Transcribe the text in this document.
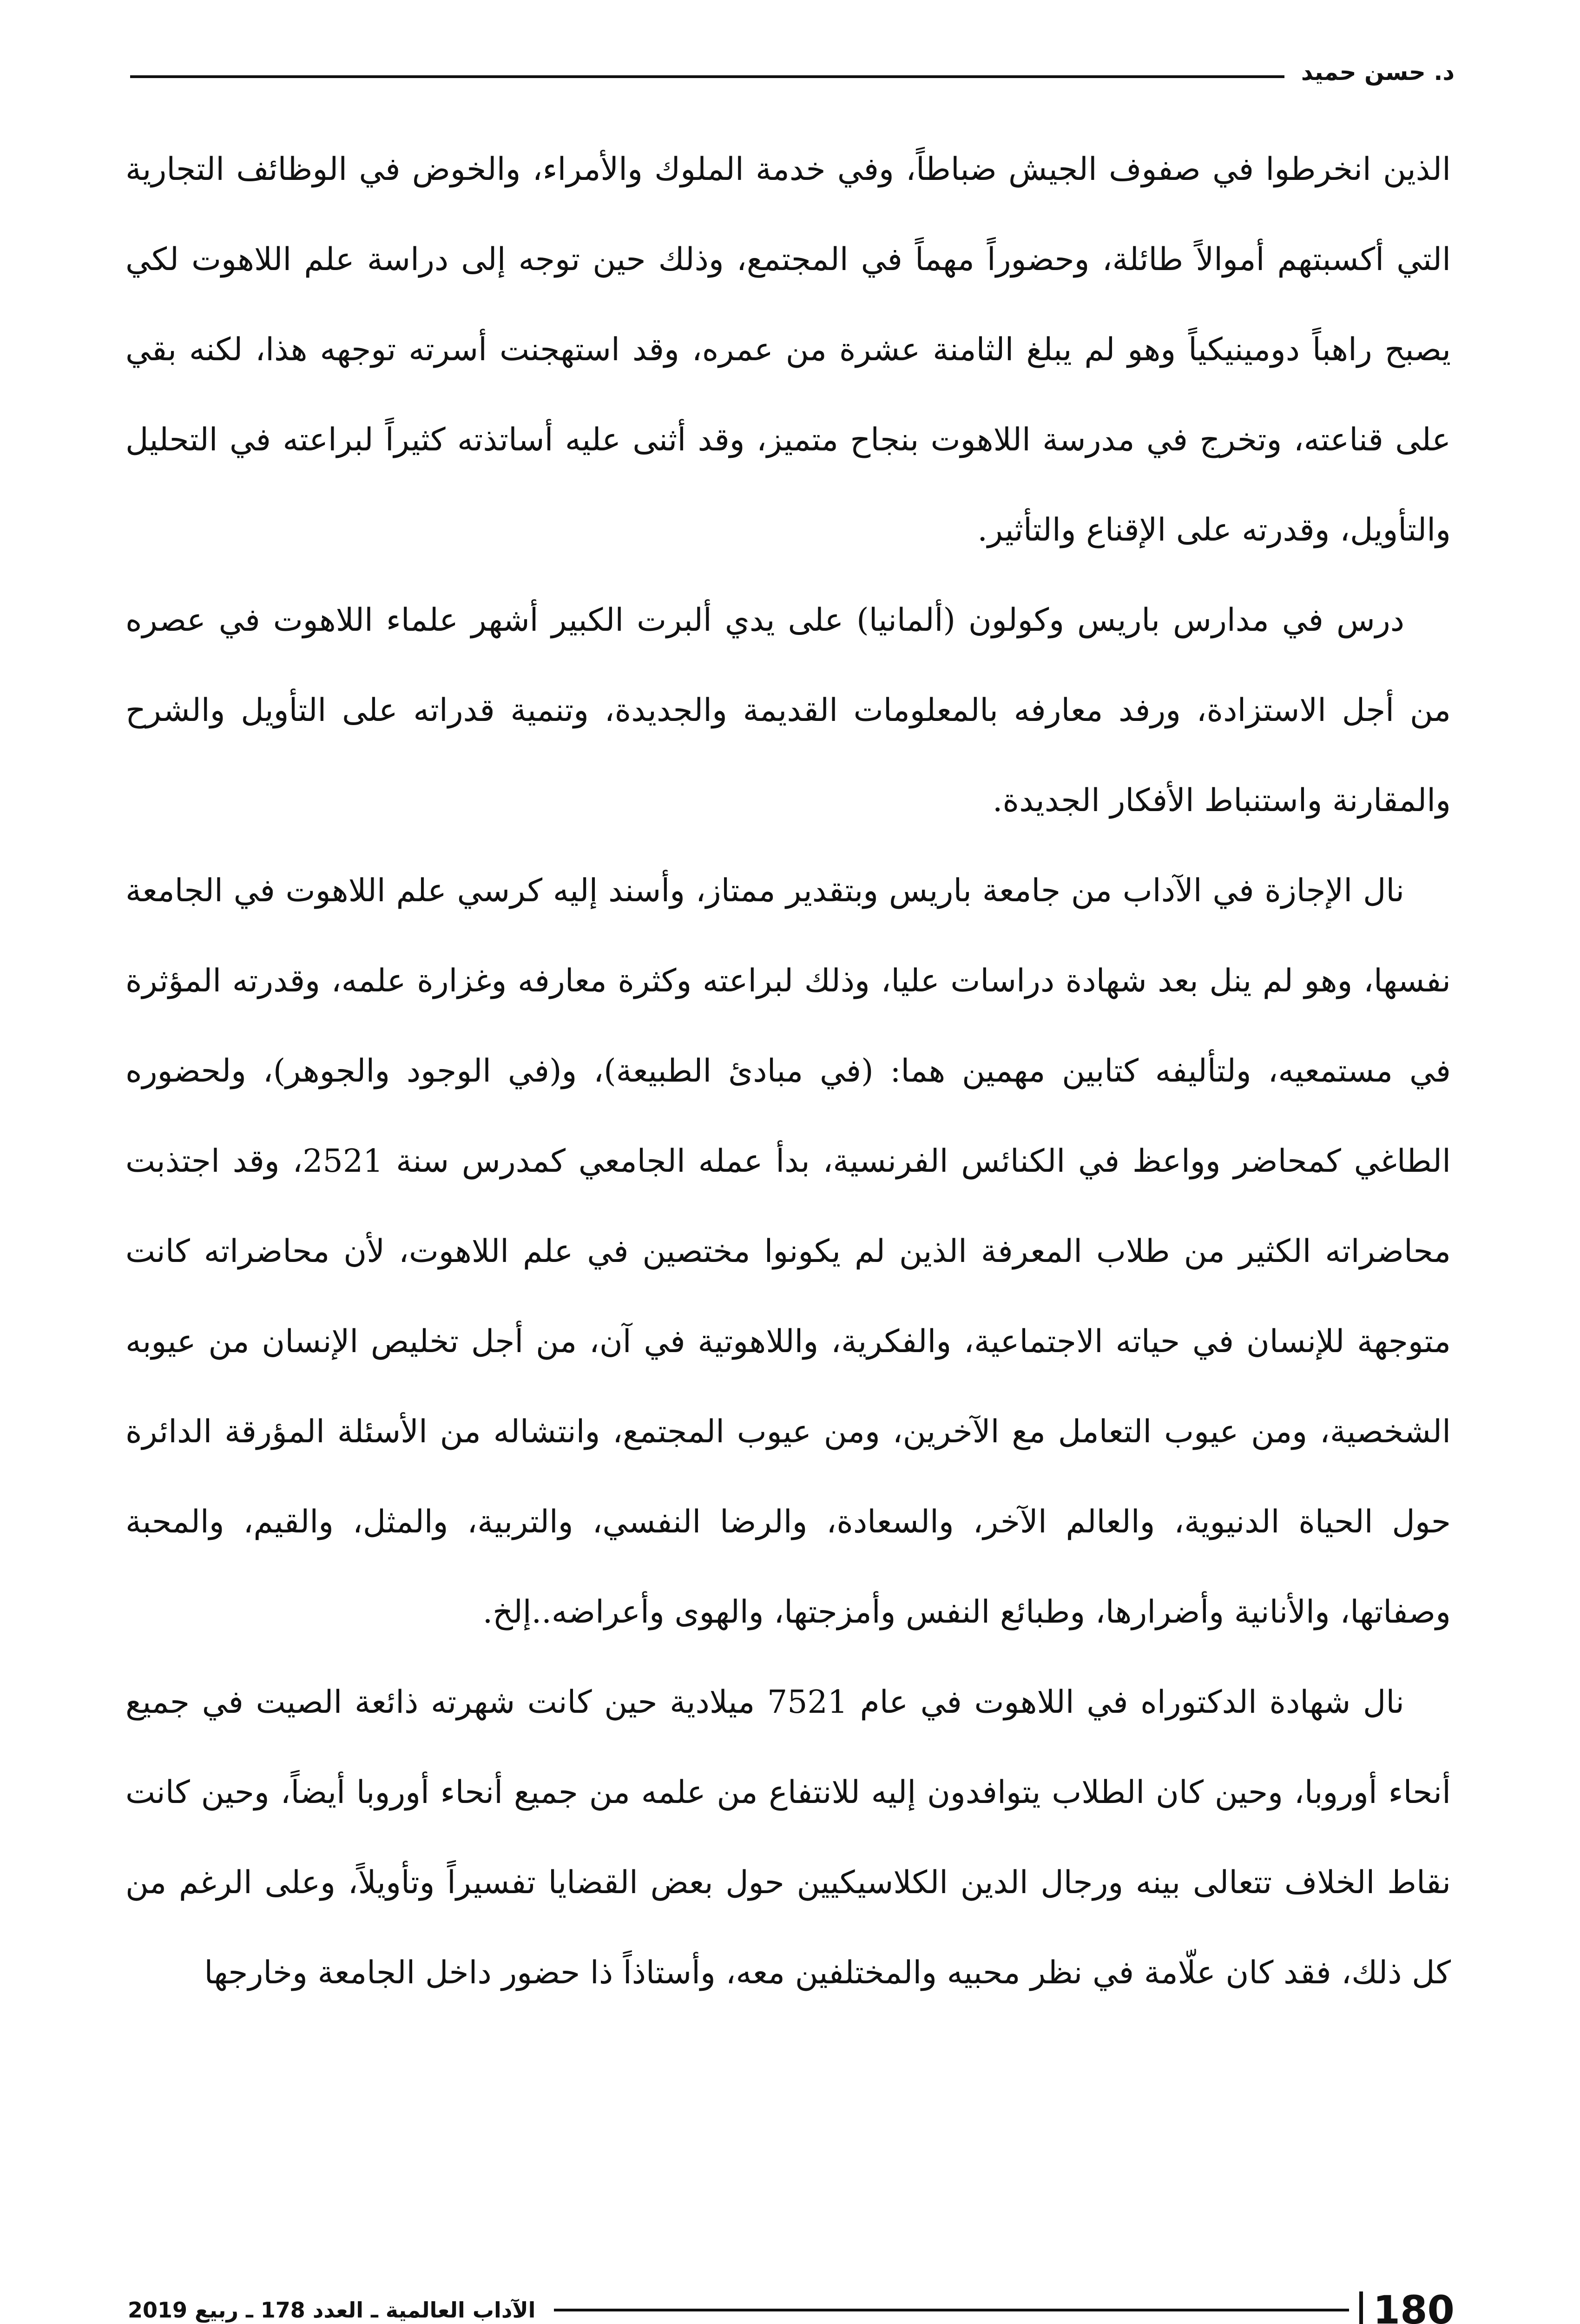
د. حسن حميد

الذين انخرطوا في صفوف الجيش ضباطاً، وفي خدمة الملوك والأمراء، والخوض في الوظائف التجارية التي أكسبتهم أموالاً طائلة، وحضوراً مهماً في المجتمع، وذلك حين توجه إلى دراسة علم اللاهوت لكي يصبح راهباً دومينيكياً وهو لم يبلغ الثامنة عشرة من عمره، وقد استهجنت أسرته توجهه هذا، لكنه بقي على قناعته، وتخرج في مدرسة اللاهوت بنجاح متميز، وقد أثنى عليه أساتذته كثيراً لبراعته في التحليل والتأويل، وقدرته على الإقناع والتأثير.

درس في مدارس باريس وكولون (ألمانيا) على يدي ألبرت الكبير أشهر علماء اللاهوت في عصره من أجل الاستزادة، ورفد معارفه بالمعلومات القديمة والجديدة، وتنمية قدراته على التأويل والشرح والمقارنة واستنباط الأفكار الجديدة.

نال الإجازة في الآداب من جامعة باريس وبتقدير ممتاز، وأسند إليه كرسي علم اللاهوت في الجامعة نفسها، وهو لم ينل بعد شهادة دراسات عليا، وذلك لبراعته وكثرة معارفه وغزارة علمه، وقدرته المؤثرة في مستمعيه، ولتأليفه كتابين مهمين هما: (في مبادئ الطبيعة)، و(في الوجود والجوهر)، ولحضوره الطاغي كمحاضر وواعظ في الكنائس الفرنسية، بدأ عمله الجامعي كمدرس سنة 2521، وقد اجتذبت محاضراته الكثير من طلاب المعرفة الذين لم يكونوا مختصين في علم اللاهوت، لأن محاضراته كانت متوجهة للإنسان في حياته الاجتماعية، والفكرية، واللاهوتية في آن، من أجل تخليص الإنسان من عيوبه الشخصية، ومن عيوب التعامل مع الآخرين، ومن عيوب المجتمع، وانتشاله من الأسئلة المؤرقة الدائرة حول الحياة الدنيوية، والعالم الآخر، والسعادة، والرضا النفسي، والتربية، والمثل، والقيم، والمحبة وصفاتها، والأنانية وأضرارها، وطبائع النفس وأمزجتها، والهوى وأعراضه..إلخ.

نال شهادة الدكتوراه في اللاهوت في عام 7521 ميلادية حين كانت شهرته ذائعة الصيت في جميع أنحاء أوروبا، وحين كان الطلاب يتوافدون إليه للانتفاع من علمه من جميع أنحاء أوروبا أيضاً، وحين كانت نقاط الخلاف تتعالى بينه ورجال الدين الكلاسيكيين حول بعض القضايا تفسيراً وتأويلاً، وعلى الرغم من كل ذلك، فقد كان علّامة في نظر محبيه والمختلفين معه، وأستاذاً ذا حضور داخل الجامعة وخارجها

180
الآداب العالمية ـ العدد 178 ـ ربيع 2019
